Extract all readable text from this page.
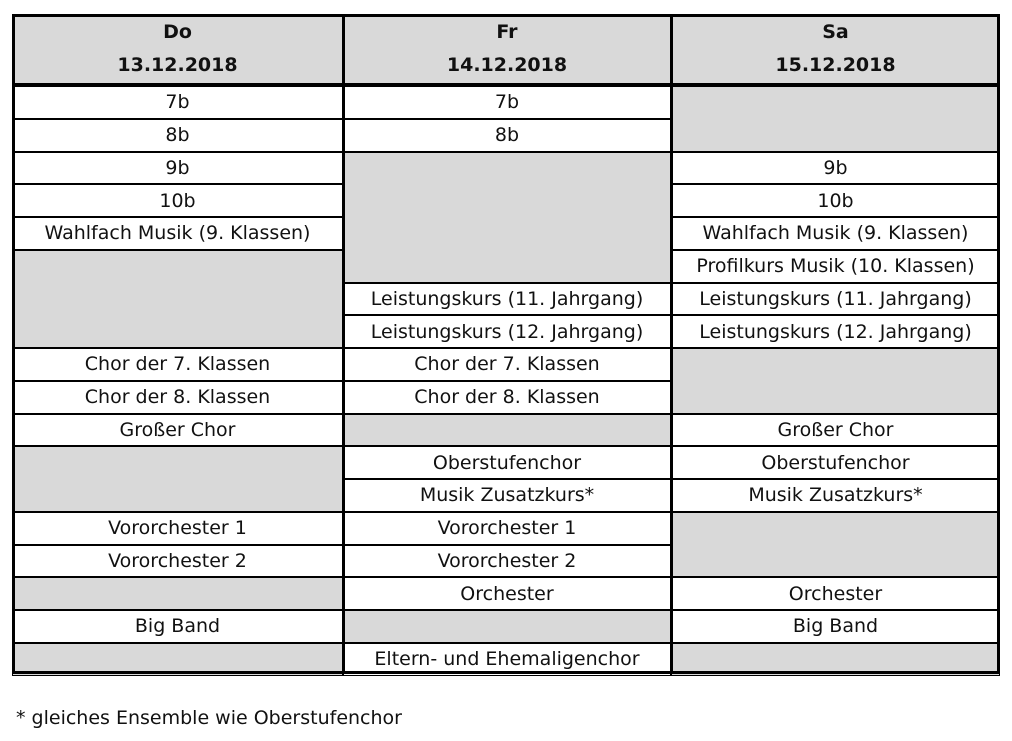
Do
13.12.2018
7b
8b
9b
10b
Wahlfach Musik (9. Klassen)
Chor der 7. Klassen
Chor der 8. Klassen
Großer Chor
Vororchester 1
Vororchester 2
Big Band
Fr
14.12.2018
7b
8b
Leistungskurs (11. Jahrgang)
Leistungskurs (12. Jahrgang)
Chor der 7. Klassen
Chor der 8. Klassen
Oberstufenchor
Musik Zusatzkurs*
Vororchester 1
Vororchester 2
Orchester
Eltern- und Ehemaligenchor
Sa
15.12.2018
9b
10b
Wahlfach Musik (9. Klassen)
Profilkurs Musik (10. Klassen)
Leistungskurs (11. Jahrgang)
Leistungskurs (12. Jahrgang)
Großer Chor
Oberstufenchor
Musik Zusatzkurs*
Orchester
Big Band
* gleiches Ensemble wie Oberstufenchor
